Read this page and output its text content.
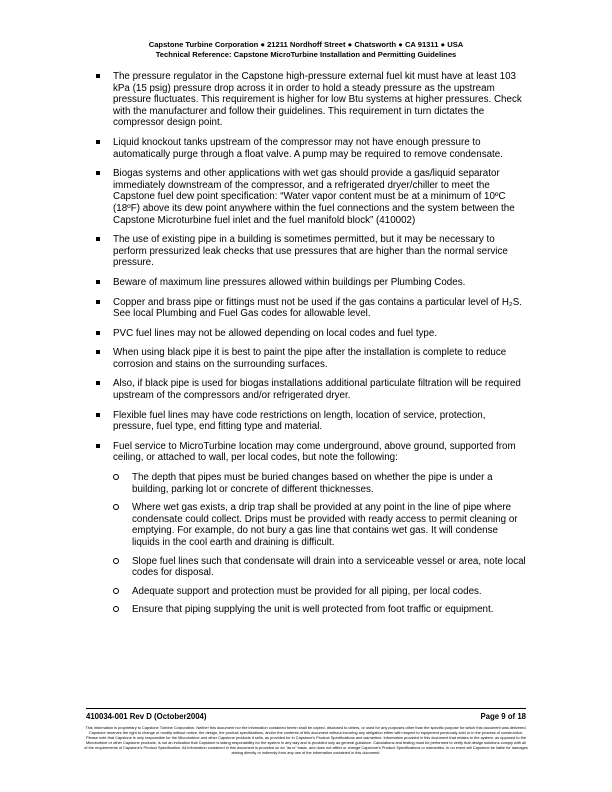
Capstone Turbine Corporation ● 21211 Nordhoff Street ● Chatsworth ● CA 91311 ● USA
Technical Reference: Capstone MicroTurbine Installation and Permitting Guidelines
The pressure regulator in the Capstone high-pressure external fuel kit must have at least 103 kPa (15 psig) pressure drop across it in order to hold a steady pressure as the upstream pressure fluctuates. This requirement is higher for low Btu systems at higher pressures. Check with the manufacturer and follow their guidelines. This requirement in turn dictates the compressor design point.
Liquid knockout tanks upstream of the compressor may not have enough pressure to automatically purge through a float valve. A pump may be required to remove condensate.
Biogas systems and other applications with wet gas should provide a gas/liquid separator immediately downstream of the compressor, and a refrigerated dryer/chiller to meet the Capstone fuel dew point specification: “Water vapor content must be at a minimum of 10ºC (18ºF) above its dew point anywhere within the fuel connections and the system between the Capstone Microturbine fuel inlet and the fuel manifold block” (410002)
The use of existing pipe in a building is sometimes permitted, but it may be necessary to perform pressurized leak checks that use pressures that are higher than the normal service pressure.
Beware of maximum line pressures allowed within buildings per Plumbing Codes.
Copper and brass pipe or fittings must not be used if the gas contains a particular level of H₂S. See local Plumbing and Fuel Gas codes for allowable level.
PVC fuel lines may not be allowed depending on local codes and fuel type.
When using black pipe it is best to paint the pipe after the installation is complete to reduce corrosion and stains on the surrounding surfaces.
Also, if black pipe is used for biogas installations additional particulate filtration will be required upstream of the compressors and/or refrigerated dryer.
Flexible fuel lines may have code restrictions on length, location of service, protection, pressure, fuel type, end fitting type and material.
Fuel service to MicroTurbine location may come underground, above ground, supported from ceiling, or attached to wall, per local codes, but note the following:
The depth that pipes must be buried changes based on whether the pipe is under a building, parking lot or concrete of different thicknesses.
Where wet gas exists, a drip trap shall be provided at any point in the line of pipe where condensate could collect. Drips must be provided with ready access to permit cleaning or emptying. For example, do not bury a gas line that contains wet gas. It will condense liquids in the cool earth and draining is difficult.
Slope fuel lines such that condensate will drain into a serviceable vessel or area, note local codes for disposal.
Adequate support and protection must be provided for all piping, per local codes.
Ensure that piping supplying the unit is well protected from foot traffic or equipment.
410034-001 Rev D (October2004)	Page 9 of 18
This information is proprietary to Capstone Turbine Corporation. Neither this document nor the information contained herein shall be copied, disclosed to others, or used for any purposes other than the specific purpose for which this document was delivered. Capstone reserves the right to change or modify without notice, the design, the product specifications, and/or the contents of this document without incurring any obligation either with respect to equipment previously sold or in the process of construction. Please note that Capstone is only responsible for the Microturbine and other Capstone products it sells, as provided for in Capstone's Product Specifications and warranties. Information provided in this document that relates to the system, as opposed to the Microturbine or other Capstone products, is not an indication that Capstone is taking responsibility for the system in any way and is provided only as general guidance. Calculations and testing must be performed to verify that design solutions comply with all of the requirements of Capstone's Product Specification. All information contained in this document is provided on an "as is" basis, and does not affect or change Capstone's Product Specifications or warranties. In no event will Capstone be liable for damages arising directly or indirectly from any use of the information contained in this document.
